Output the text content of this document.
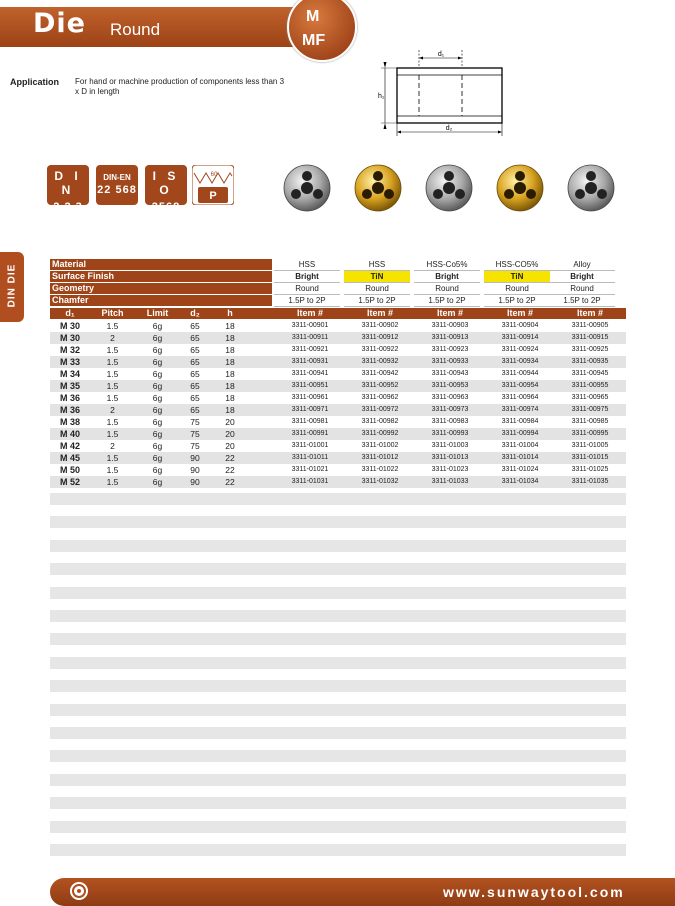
Die Round
M
MF
Application For hand or machine production of components less than 3 x D in length
d₁
h₁
d₂
D I N
2 2 3
DIN-EN
22 568
I S O
2568
P
60
DIN DIE	Material	HSS	HSS	HSS-Co5%	HSS-CO5%	Alloy
Surface Finish	Bright	TiN	Bright	TiN	Bright
Geometry	Round	Round	Round	Round	Round
Chamfer	1.5P to 2P	1.5P to 2P	1.5P to 2P	1.5P to 2P	1.5P to 2P
d₁	Pitch	Limit	d₂	h	Item #	Item #	Item #	Item #	Item #
M 30	1.5	6g	65	18	3311-00901	3311-00902	3311-00903	3311-00904	3311-00905
M 30	2	6g	65	18	3311-00911	3311-00912	3311-00913	3311-00914	3311-00915
M 32	1.5	6g	65	18	3311-00921	3311-00922	3311-00923	3311-00924	3311-00925
M 33	1.5	6g	65	18	3311-00931	3311-00932	3311-00933	3311-00934	3311-00935
M 34	1.5	6g	65	18	3311-00941	3311-00942	3311-00943	3311-00944	3311-00945
M 35	1.5	6g	65	18	3311-00951	3311-00952	3311-00953	3311-00954	3311-00955
M 36	1.5	6g	65	18	3311-00961	3311-00962	3311-00963	3311-00964	3311-00965
M 36	2	6g	65	18	3311-00971	3311-00972	3311-00973	3311-00974	3311-00975
M 38	1.5	6g	75	20	3311-00981	3311-00982	3311-00983	3311-00984	3311-00985
M 40	1.5	6g	75	20	3311-00991	3311-00992	3311-00993	3311-00994	3311-00995
M 42	2	6g	75	20	3311-01001	3311-01002	3311-01003	3311-01004	3311-01005
M 45	1.5	6g	90	22	3311-01011	3311-01012	3311-01013	3311-01014	3311-01015
M 50	1.5	6g	90	22	3311-01021	3311-01022	3311-01023	3311-01024	3311-01025
M 52	1.5	6g	90	22	3311-01031	3311-01032	3311-01033	3311-01034	3311-01035
www.sunwaytool.com
